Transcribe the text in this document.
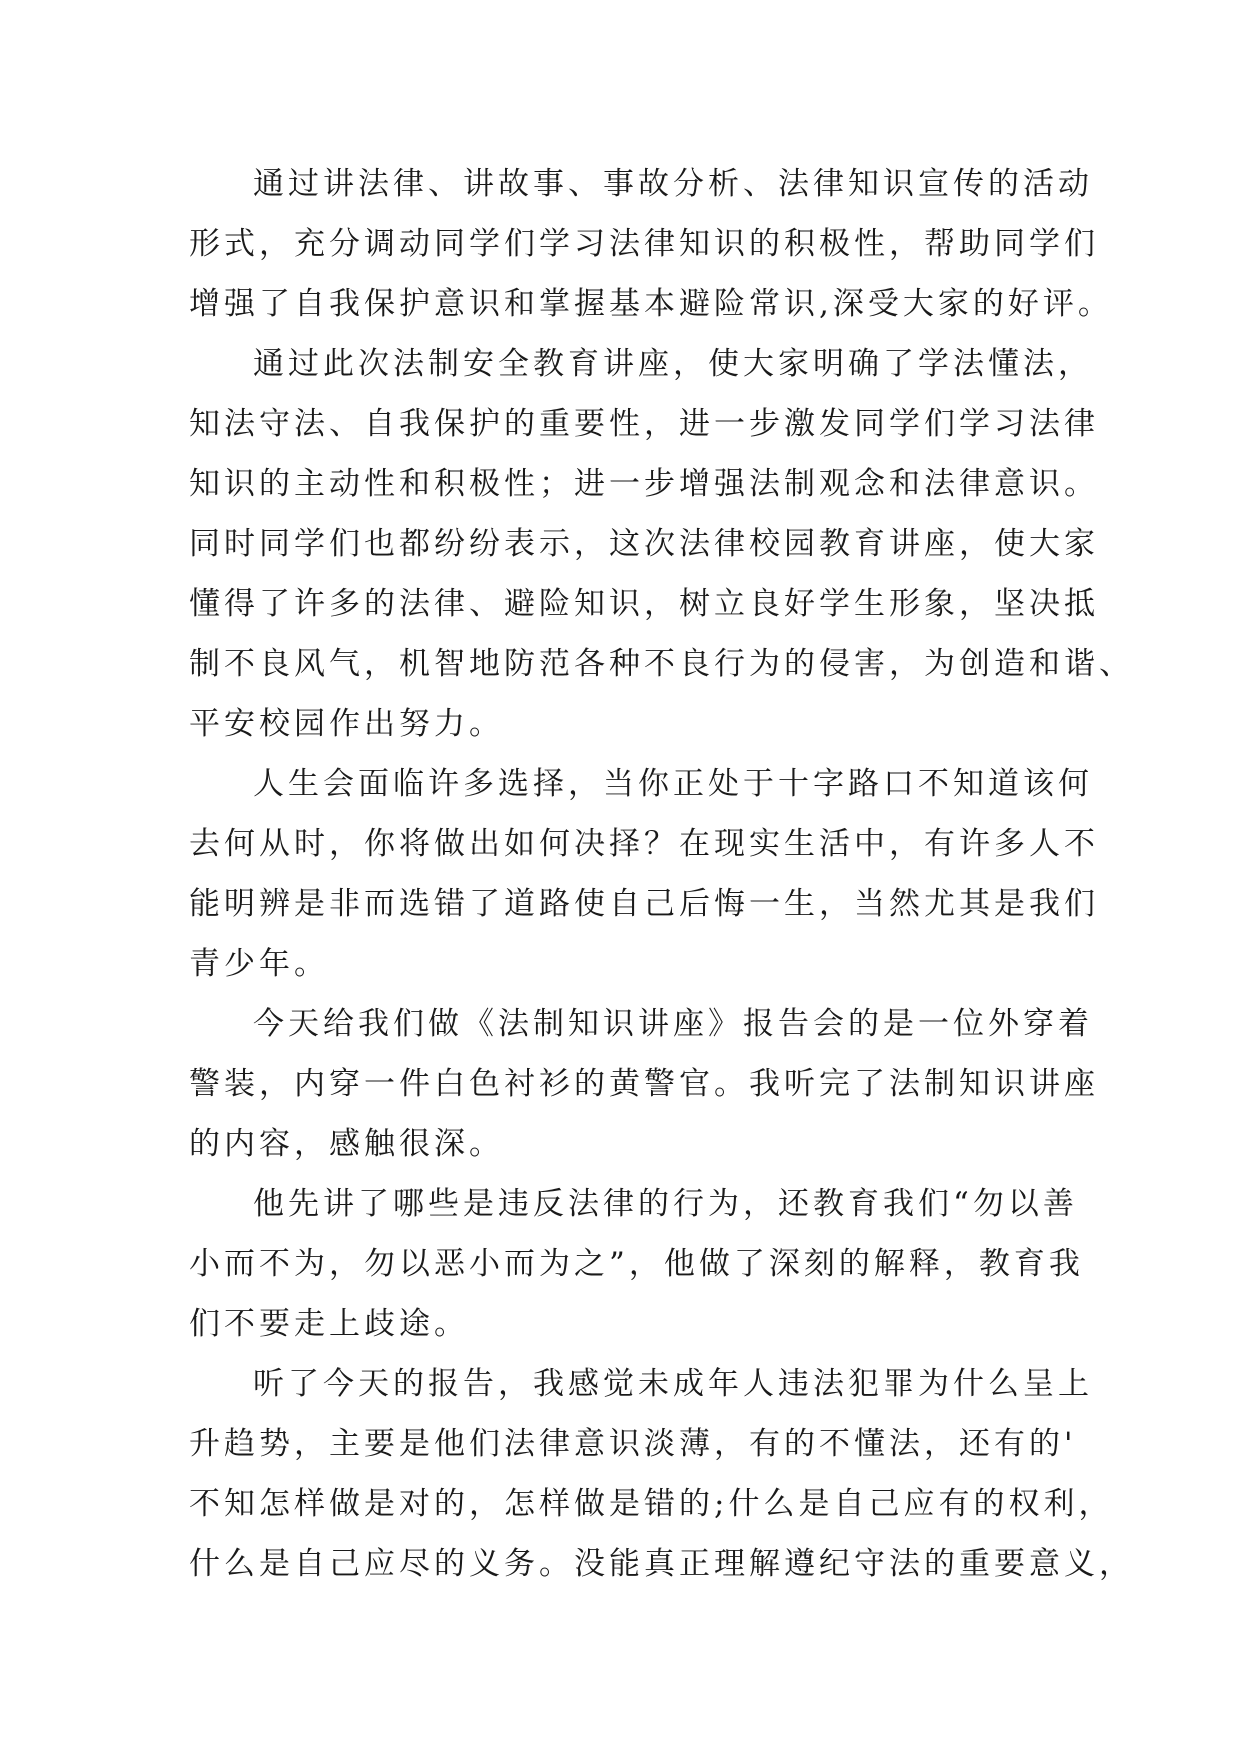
通过讲法律、讲故事、事故分析、法律知识宣传的活动
形式，充分调动同学们学习法律知识的积极性，帮助同学们
增强了自我保护意识和掌握基本避险常识,深受大家的好评。
通过此次法制安全教育讲座，使大家明确了学法懂法，
知法守法、自我保护的重要性，进一步激发同学们学习法律
知识的主动性和积极性；进一步增强法制观念和法律意识。
同时同学们也都纷纷表示，这次法律校园教育讲座，使大家
懂得了许多的法律、避险知识，树立良好学生形象，坚决抵
制不良风气，机智地防范各种不良行为的侵害，为创造和谐、
平安校园作出努力。
人生会面临许多选择，当你正处于十字路口不知道该何
去何从时，你将做出如何决择？在现实生活中，有许多人不
能明辨是非而选错了道路使自己后悔一生，当然尤其是我们
青少年。
今天给我们做《法制知识讲座》报告会的是一位外穿着
警装，内穿一件白色衬衫的黄警官。我听完了法制知识讲座
的内容，感触很深。
他先讲了哪些是违反法律的行为，还教育我们“勿以善
小而不为，勿以恶小而为之”，他做了深刻的解释，教育我
们不要走上歧途。
听了今天的报告，我感觉未成年人违法犯罪为什么呈上
升趋势，主要是他们法律意识淡薄，有的不懂法，还有的'
不知怎样做是对的，怎样做是错的;什么是自己应有的权利，
什么是自己应尽的义务。没能真正理解遵纪守法的重要意义，
